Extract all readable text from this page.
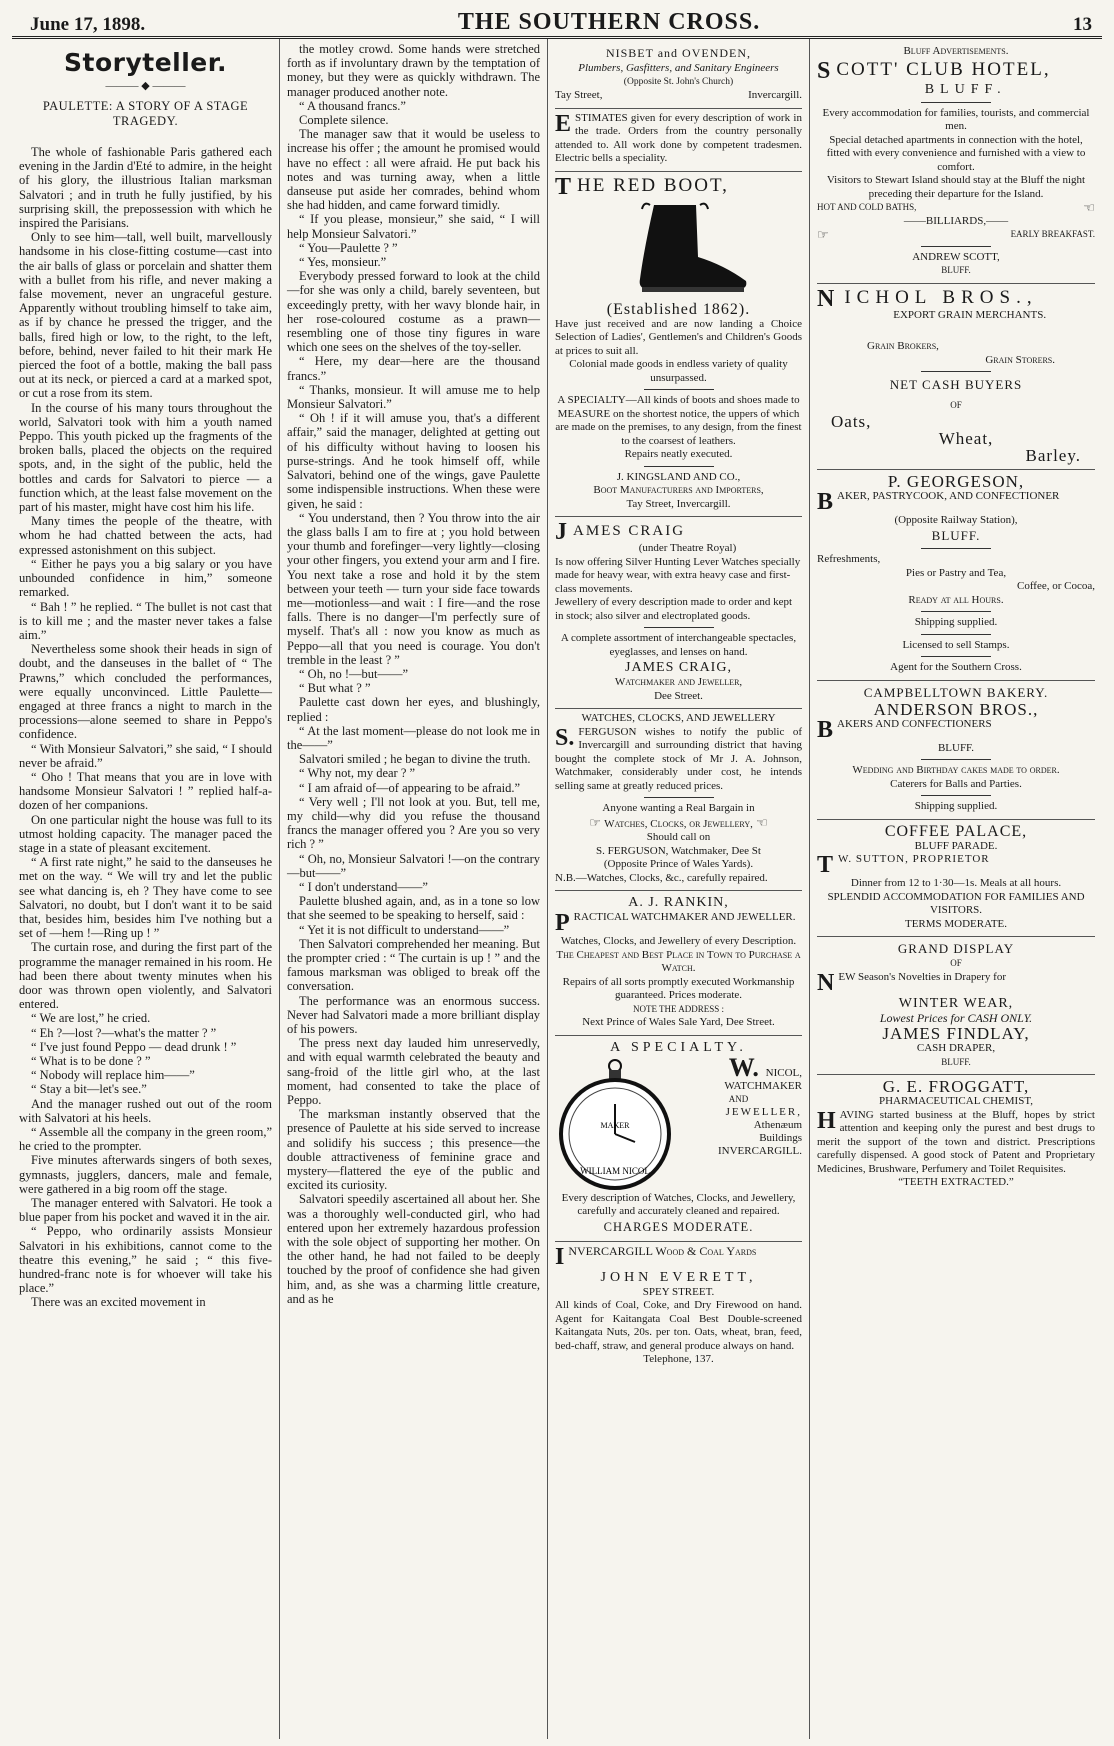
June 17, 1898.	THE SOUTHERN CROSS.	13
Storyteller.
——— ◆ ———
PAULETTE: A STORY OF A STAGE TRAGEDY.

The whole of fashionable Paris gathered each evening in the Jardin d'Eté to admire, in the height of his glory, the illustrious Italian marksman Salvatori ; and in truth he fully justified, by his surprising skill, the prepossession with which he inspired the Parisians.

Only to see him—tall, well built, marvellously handsome in his close-fitting costume—cast into the air balls of glass or porcelain and shatter them with a bullet from his rifle, and never making a false movement, never an ungraceful gesture. Apparently without troubling himself to take aim, as if by chance he pressed the trigger, and the balls, fired high or low, to the right, to the left, before, behind, never failed to hit their mark He pierced the foot of a bottle, making the ball pass out at its neck, or pierced a card at a marked spot, or cut a rose from its stem.

In the course of his many tours throughout the world, Salvatori took with him a youth named Peppo. This youth picked up the fragments of the broken balls, placed the objects on the required spots, and, in the sight of the public, held the bottles and cards for Salvatori to pierce — a function which, at the least false movement on the part of his master, might have cost him his life.

Many times the people of the theatre, with whom he had chatted between the acts, had expressed astonishment on this subject.

“ Either he pays you a big salary or you have unbounded confidence in him,” someone remarked.

“ Bah ! ” he replied. “ The bullet is not cast that is to kill me ; and the master never takes a false aim.”

Nevertheless some shook their heads in sign of doubt, and the danseuses in the ballet of “ The Prawns,” which concluded the performances, were equally unconvinced. Little Paulette—engaged at three francs a night to march in the processions—alone seemed to share in Peppo's confidence.

“ With Monsieur Salvatori,” she said, “ I should never be afraid.”

“ Oho ! That means that you are in love with handsome Monsieur Salvatori ! ” replied half-a-dozen of her companions.

On one particular night the house was full to its utmost holding capacity. The manager paced the stage in a state of pleasant excitement.

“ A first rate night,” he said to the danseuses he met on the way. “ We will try and let the public see what dancing is, eh ? They have come to see Salvatori, no doubt, but I don't want it to be said that, besides him, besides him I've nothing but a set of —hem !—Ring up ! ”

The curtain rose, and during the first part of the programme the manager remained in his room. He had been there about twenty minutes when his door was thrown open violently, and Salvatori entered.

“ We are lost,” he cried.

“ Eh ?—lost ?—what's the matter ? ”

“ I've just found Peppo — dead drunk ! ”

“ What is to be done ? ”

“ Nobody will replace him——”

“ Stay a bit—let's see.”

And the manager rushed out out of the room with Salvatori at his heels.

“ Assemble all the company in the green room,” he cried to the prompter.

Five minutes afterwards singers of both sexes, gymnasts, jugglers, dancers, male and female, were gathered in a big room off the stage.

The manager entered with Salvatori. He took a blue paper from his pocket and waved it in the air.

“ Peppo, who ordinarily assists Monsieur Salvatori in his exhibitions, cannot come to the theatre this evening,” he said ; “ this five-hundred-franc note is for whoever will take his place.”

There was an excited movement in

the motley crowd. Some hands were stretched forth as if involuntary drawn by the temptation of money, but they were as quickly withdrawn. The manager produced another note.

“ A thousand francs.”

Complete silence.

The manager saw that it would be useless to increase his offer ; the amount he promised would have no effect : all were afraid. He put back his notes and was turning away, when a little danseuse put aside her comrades, behind whom she had hidden, and came forward timidly.

“ If you please, monsieur,” she said, “ I will help Monsieur Salvatori.”

“ You—Paulette ? ”

“ Yes, monsieur.”

Everybody pressed forward to look at the child—for she was only a child, barely seventeen, but exceedingly pretty, with her wavy blonde hair, in her rose-coloured costume as a prawn—resembling one of those tiny figures in ware which one sees on the shelves of the toy-seller.

“ Here, my dear—here are the thousand francs.”

“ Thanks, monsieur. It will amuse me to help Monsieur Salvatori.”

“ Oh ! if it will amuse you, that's a different affair,” said the manager, delighted at getting out of his difficulty without having to loosen his purse-strings. And he took himself off, while Salvatori, behind one of the wings, gave Paulette some indispensible instructions. When these were given, he said :

“ You understand, then ? You throw into the air the glass balls I am to fire at ; you hold between your thumb and forefinger—very lightly—closing your other fingers, you extend your arm and I fire. You next take a rose and hold it by the stem between your teeth — turn your side face towards me—motionless—and wait : I fire—and the rose falls. There is no danger—I'm perfectly sure of myself. That's all : now you know as much as Peppo—all that you need is courage. You don't tremble in the least ? ”

“ Oh, no !—but——”

“ But what ? ”

Paulette cast down her eyes, and blushingly, replied :

“ At the last moment—please do not look me in the——”

Salvatori smiled ; he began to divine the truth.

“ Why not, my dear ? ”

“ I am afraid of—of appearing to be afraid.”

“ Very well ; I'll not look at you. But, tell me, my child—why did you refuse the thousand francs the manager offered you ? Are you so very rich ? ”

“ Oh, no, Monsieur Salvatori !—on the contrary—but——”

“ I don't understand——”

Paulette blushed again, and, as in a tone so low that she seemed to be speaking to herself, said :

“ Yet it is not difficult to understand——”

Then Salvatori comprehended her meaning. But the prompter cried : “ The curtain is up ! ” and the famous marksman was obliged to break off the conversation.

The performance was an enormous success. Never had Salvatori made a more brilliant display of his powers.

The press next day lauded him unreservedly, and with equal warmth celebrated the beauty and sang-froid of the little girl who, at the last moment, had consented to take the place of Peppo.

The marksman instantly observed that the presence of Paulette at his side served to increase and solidify his success ; this presence—the double attractiveness of feminine grace and mystery—flattered the eye of the public and excited its curiosity.

Salvatori speedily ascertained all about her. She was a thoroughly well-conducted girl, who had entered upon her extremely hazardous profession with the sole object of supporting her mother. On the other hand, he had not failed to be deeply touched by the proof of confidence she had given him, and, as she was a charming little creature, and as he

NISBET and OVENDEN,

Plumbers, Gasfitters, and Sanitary Engineers

(Opposite St. John's Church)

Tay Street,	Invercargill.

ESTIMATES given for every description of work in the trade. Orders from the country personally attended to. All work done by competent tradesmen. Electric bells a speciality.

T HE RED BOOT,

(Established 1862).

Have just received and are now landing a Choice Selection of Ladies', Gentlemen's and Children's Goods at prices to suit all.

Colonial made goods in endless variety of quality unsurpassed.

A SPECIALTY—All kinds of boots and shoes made to MEASURE on the shortest notice, the uppers of which are made on the premises, to any design, from the finest to the coarsest of leathers.

Repairs neatly executed.

J. KINGSLAND AND CO.,

Boot Manufacturers and Importers,

Tay Street, Invercargill.

JAMES CRAIG

(under Theatre Royal)

Is now offering Silver Hunting Lever Watches specially made for heavy wear, with extra heavy case and first-class movements.

Jewellery of every description made to order and kept in stock; also silver and electroplated goods.

A complete assortment of interchangeable spectacles, eyeglasses, and lenses on hand.

JAMES CRAIG,

Watchmaker and Jeweller,

Dee Street.

WATCHES, CLOCKS, AND JEWELLERY

S. FERGUSON wishes to notify the public of Invercargill and surrounding district that having bought the complete stock of Mr J. A. Johnson, Watchmaker, considerably under cost, he intends selling same at greatly reduced prices.

Anyone wanting a Real Bargain in

☞ Watches, Clocks, or Jewellery, ☜

Should call on

S. FERGUSON, Watchmaker, Dee St

(Opposite Prince of Wales Yards).

N.B.—Watches, Clocks, &c., carefully repaired.

A. J. RANKIN,

PRACTICAL WATCHMAKER AND JEWELLER.

Watches, Clocks, and Jewellery of every Description.

The Cheapest and Best Place in Town to Purchase a Watch.

Repairs of all sorts promptly executed Workmanship guaranteed. Prices moderate.

NOTE THE ADDRESS :

Next Prince of Wales Sale Yard, Dee Street.

A SPECIALTY.

MAKER
WILLIAM NICOL

W. NICOL,

WATCHMAKER

AND

JEWELLER,

Athenæum

Buildings

INVERCARGILL.

Every description of Watches, Clocks, and Jewellery, carefully and accurately cleaned and repaired.

CHARGES MODERATE.

INVERCARGILL Wood & Coal Yards

JOHN EVERETT,

SPEY STREET.

All kinds of Coal, Coke, and Dry Firewood on hand. Agent for Kaitangata Coal Best Double-screened Kaitangata Nuts, 20s. per ton. Oats, wheat, bran, feed, bed-chaff, straw, and general produce always on hand.

Telephone, 137.

Bluff Advertisements.

S COTT' CLUB HOTEL,

BLUFF.

Every accommodation for families, tourists, and commercial men.

Special detached apartments in connection with the hotel, fitted with every convenience and furnished with a view to comfort.

Visitors to Stewart Island should stay at the Bluff the night preceding their departure for the Island.

HOT AND COLD BATHS,	☜

——BILLIARDS,——

☞	EARLY BREAKFAST.

ANDREW SCOTT,

BLUFF.

N ICHOL BROS.,

EXPORT GRAIN MERCHANTS.

Grain Brokers,

Grain Storers.

NET CASH BUYERS

OF

Oats,

Wheat,

Barley.

P. GEORGESON,

BAKER, PASTRYCOOK, AND CONFECTIONER

(Opposite Railway Station),

BLUFF.

Refreshments,

Pies or Pastry and Tea,

Coffee, or Cocoa,

Ready at all Hours.

Shipping supplied.

Licensed to sell Stamps.

Agent for the Southern Cross.

CAMPBELLTOWN BAKERY.

ANDERSON BROS.,

BAKERS AND CONFECTIONERS

BLUFF.

Wedding and Birthday cakes made to order.

Caterers for Balls and Parties.

Shipping supplied.

COFFEE PALACE,

BLUFF PARADE.

T W. SUTTON, PROPRIETOR

Dinner from 12 to 1·30—1s. Meals at all hours.

SPLENDID ACCOMMODATION FOR FAMILIES AND VISITORS.

TERMS MODERATE.

GRAND DISPLAY

OF

NEW Season's Novelties in Drapery for

WINTER WEAR,

Lowest Prices for CASH ONLY.

JAMES FINDLAY,

CASH DRAPER,

BLUFF.

G. E. FROGGATT,

PHARMACEUTICAL CHEMIST,

HAVING started business at the Bluff, hopes by strict attention and keeping only the purest and best drugs to merit the support of the town and district. Prescriptions carefully dispensed. A good stock of Patent and Proprietary Medicines, Brushware, Perfumery and Toilet Requisites.

“TEETH EXTRACTED.”
